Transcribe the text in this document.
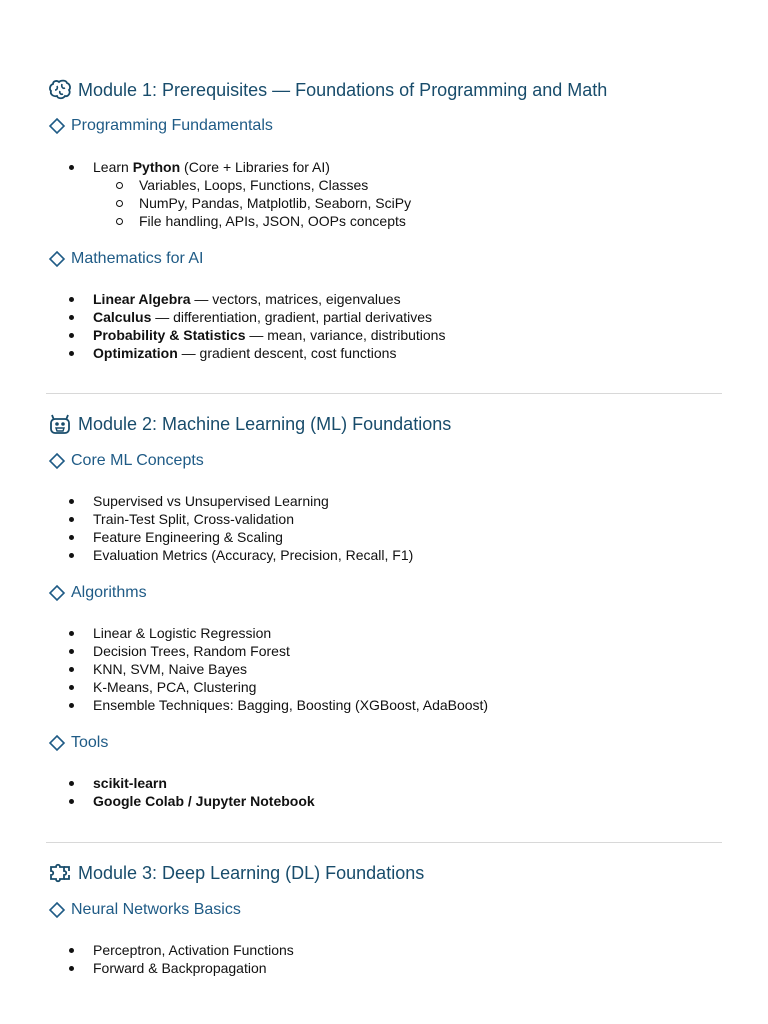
Module 1: Prerequisites — Foundations of Programming and Math
Programming Fundamentals
Learn Python (Core + Libraries for AI)
Variables, Loops, Functions, Classes
NumPy, Pandas, Matplotlib, Seaborn, SciPy
File handling, APIs, JSON, OOPs concepts
Mathematics for AI
Linear Algebra — vectors, matrices, eigenvalues
Calculus — differentiation, gradient, partial derivatives
Probability & Statistics — mean, variance, distributions
Optimization — gradient descent, cost functions
Module 2: Machine Learning (ML) Foundations
Core ML Concepts
Supervised vs Unsupervised Learning
Train-Test Split, Cross-validation
Feature Engineering & Scaling
Evaluation Metrics (Accuracy, Precision, Recall, F1)
Algorithms
Linear & Logistic Regression
Decision Trees, Random Forest
KNN, SVM, Naive Bayes
K-Means, PCA, Clustering
Ensemble Techniques: Bagging, Boosting (XGBoost, AdaBoost)
Tools
scikit-learn
Google Colab / Jupyter Notebook
Module 3: Deep Learning (DL) Foundations
Neural Networks Basics
Perceptron, Activation Functions
Forward & Backpropagation
